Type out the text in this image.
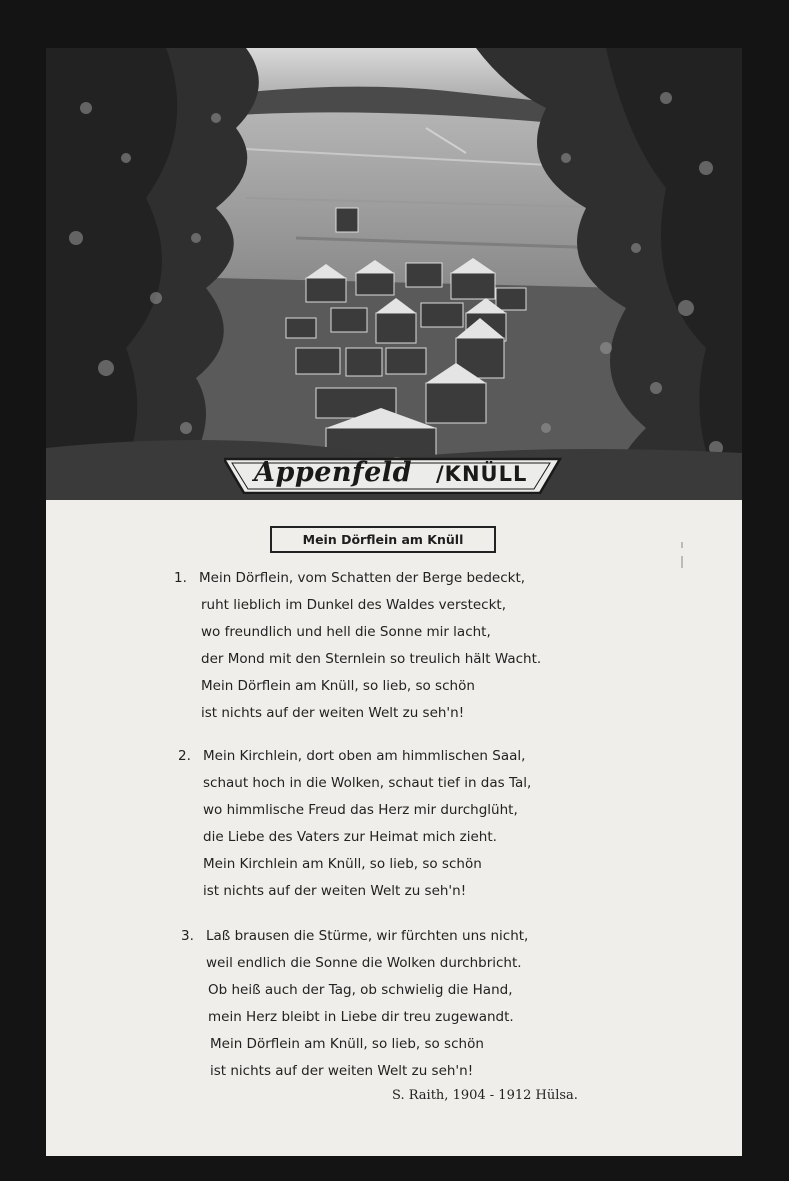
Appenfeld /KNÜLL
Mein Dörflein am Knüll
1. Mein Dörflein, vom Schatten der Berge bedeckt,
ruht lieblich im Dunkel des Waldes versteckt,
wo freundlich und hell die Sonne mir lacht,
der Mond mit den Sternlein so treulich hält Wacht.
Mein Dörflein am Knüll, so lieb, so schön
ist nichts auf der weiten Welt zu seh'n!
2. Mein Kirchlein, dort oben am himmlischen Saal,
schaut hoch in die Wolken, schaut tief in das Tal,
wo himmlische Freud das Herz mir durchglüht,
die Liebe des Vaters zur Heimat mich zieht.
Mein Kirchlein am Knüll, so lieb, so schön
ist nichts auf der weiten Welt zu seh'n!
3. Laß brausen die Stürme, wir fürchten uns nicht,
weil endlich die Sonne die Wolken durchbricht.
Ob heiß auch der Tag, ob schwielig die Hand,
mein Herz bleibt in Liebe dir treu zugewandt.
Mein Dörflein am Knüll, so lieb, so schön
ist nichts auf der weiten Welt zu seh'n!
S. Raith, 1904 - 1912 Hülsa.
